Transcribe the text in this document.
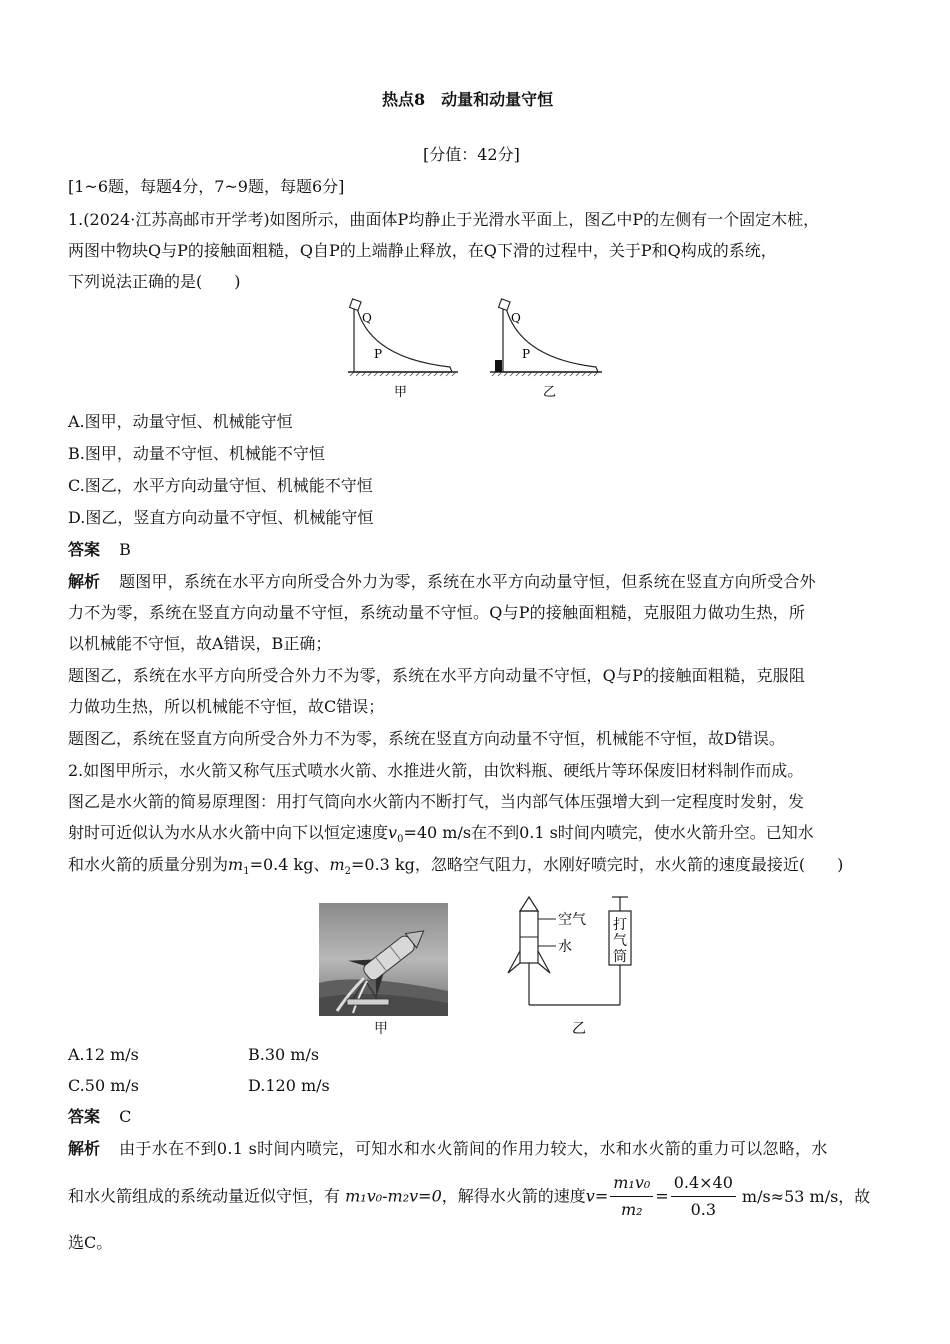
热点8　动量和动量守恒
[分值：42分]
[1~6题，每题4分，7~9题，每题6分]
1.(2024·江苏高邮市开学考)如图所示，曲面体P均静止于光滑水平面上，图乙中P的左侧有一个固定木桩，
两图中物块Q与P的接触面粗糙，Q自P的上端静止释放，在Q下滑的过程中，关于P和Q构成的系统，
下列说法正确的是(　　)
Q
P
甲
Q
P
乙
A.图甲，动量守恒、机械能守恒
B.图甲，动量不守恒、机械能不守恒
C.图乙，水平方向动量守恒、机械能不守恒
D.图乙，竖直方向动量不守恒、机械能守恒
答案 B
解析 题图甲，系统在水平方向所受合外力为零，系统在水平方向动量守恒，但系统在竖直方向所受合外
力不为零，系统在竖直方向动量不守恒，系统动量不守恒。Q与P的接触面粗糙，克服阻力做功生热，所
以机械能不守恒，故A错误，B正确；
题图乙，系统在水平方向所受合外力不为零，系统在水平方向动量不守恒，Q与P的接触面粗糙，克服阻
力做功生热，所以机械能不守恒，故C错误；
题图乙，系统在竖直方向所受合外力不为零，系统在竖直方向动量不守恒，机械能不守恒，故D错误。
2.如图甲所示，水火箭又称气压式喷水火箭、水推进火箭，由饮料瓶、硬纸片等环保废旧材料制作而成。
图乙是水火箭的简易原理图：用打气筒向水火箭内不断打气，当内部气体压强增大到一定程度时发射，发
射时可近似认为水从水火箭中向下以恒定速度$v_0=40$ m/s在不到0.1 s时间内喷完，使水火箭升空。已知水
和水火箭的质量分别为$m_1=0.4$ kg、$m_2=0.3$ kg，忽略空气阻力，水刚好喷完时，水火箭的速度最接近(　　)
甲
空气
水
打
气
筒
乙
A.12 m/s	B.30 m/s
C.50 m/s	D.120 m/s
答案 C
解析 由于水在不到0.1 s时间内喷完，可知水和水火箭间的作用力较大，水和水火箭的重力可以忽略，水
和水火箭组成的系统动量近似守恒，有 m₁v₀-m₂v=0，解得水火箭的速度$v= \frac{\text{m₁v₀}}{\text{m₂}} = \frac{0.4\times 40}{0.3} m/s\approx 53$ m/s，故
选C。
